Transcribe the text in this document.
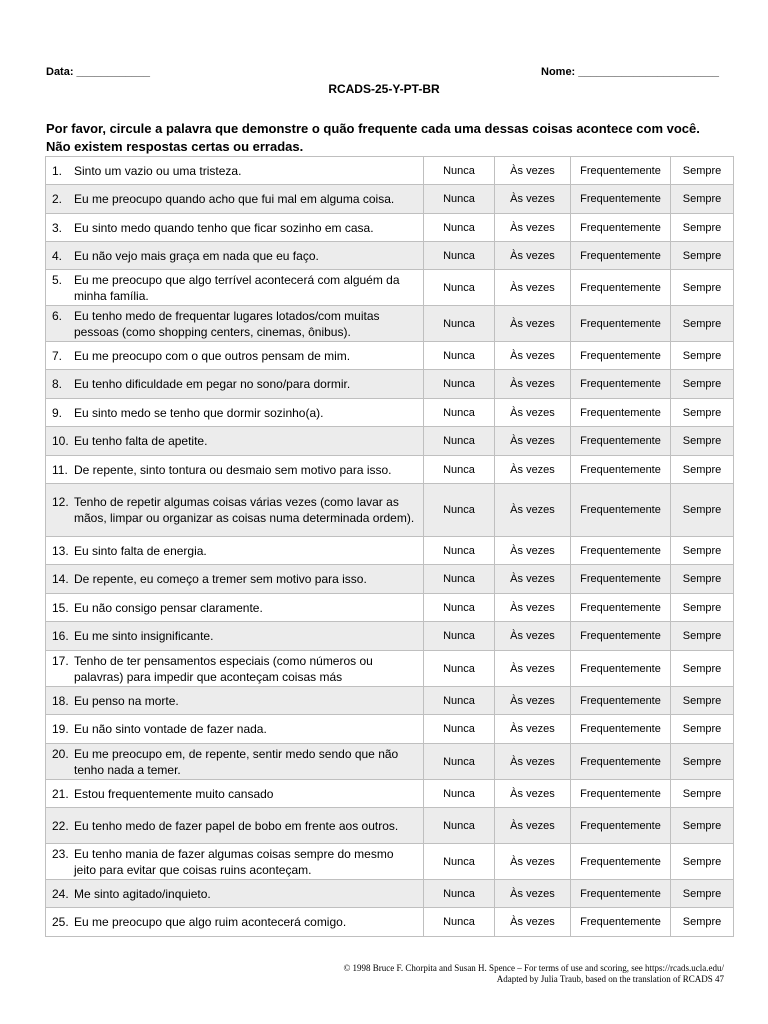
Data: ____________	Nome: _______________________
RCADS-25-Y-PT-BR
Por favor, circule a palavra que demonstre o quão frequente cada uma dessas coisas acontece com você.
Não existem respostas certas ou erradas.
1. Sinto um vazio ou uma tristeza.	Nunca	Às vezes	Frequentemente	Sempre

2. Eu me preocupo quando acho que fui mal em alguma coisa.	Nunca	Às vezes	Frequentemente	Sempre

3. Eu sinto medo quando tenho que ficar sozinho em casa.	Nunca	Às vezes	Frequentemente	Sempre

4. Eu não vejo mais graça em nada que eu faço.	Nunca	Às vezes	Frequentemente	Sempre

5. Eu me preocupo que algo terrível acontecerá com alguém da minha família.	Nunca	Às vezes	Frequentemente	Sempre

6. Eu tenho medo de frequentar lugares lotados/com muitas pessoas (como shopping centers, cinemas, ônibus).	Nunca	Às vezes	Frequentemente	Sempre

7. Eu me preocupo com o que outros pensam de mim.	Nunca	Às vezes	Frequentemente	Sempre

8. Eu tenho dificuldade em pegar no sono/para dormir.	Nunca	Às vezes	Frequentemente	Sempre

9. Eu sinto medo se tenho que dormir sozinho(a).	Nunca	Às vezes	Frequentemente	Sempre

10. Eu tenho falta de apetite.	Nunca	Às vezes	Frequentemente	Sempre

11. De repente, sinto tontura ou desmaio sem motivo para isso.	Nunca	Às vezes	Frequentemente	Sempre

12. Tenho de repetir algumas coisas várias vezes (como lavar as mãos, limpar ou organizar as coisas numa determinada ordem).	Nunca	Às vezes	Frequentemente	Sempre

13. Eu sinto falta de energia.	Nunca	Às vezes	Frequentemente	Sempre

14. De repente, eu começo a tremer sem motivo para isso.	Nunca	Às vezes	Frequentemente	Sempre

15. Eu não consigo pensar claramente.	Nunca	Às vezes	Frequentemente	Sempre

16. Eu me sinto insignificante.	Nunca	Às vezes	Frequentemente	Sempre

17. Tenho de ter pensamentos especiais (como números ou palavras) para impedir que aconteçam coisas más	Nunca	Às vezes	Frequentemente	Sempre

18. Eu penso na morte.	Nunca	Às vezes	Frequentemente	Sempre

19. Eu não sinto vontade de fazer nada.	Nunca	Às vezes	Frequentemente	Sempre

20. Eu me preocupo em, de repente, sentir medo sendo que não tenho nada a temer.	Nunca	Às vezes	Frequentemente	Sempre

21. Estou frequentemente muito cansado	Nunca	Às vezes	Frequentemente	Sempre

22. Eu tenho medo de fazer papel de bobo em frente aos outros.	Nunca	Às vezes	Frequentemente	Sempre

23. Eu tenho mania de fazer algumas coisas sempre do mesmo jeito para evitar que coisas ruins aconteçam.	Nunca	Às vezes	Frequentemente	Sempre

24. Me sinto agitado/inquieto.	Nunca	Às vezes	Frequentemente	Sempre

25. Eu me preocupo que algo ruim acontecerá comigo.	Nunca	Às vezes	Frequentemente	Sempre
© 1998 Bruce F. Chorpita and Susan H. Spence – For terms of use and scoring, see https://rcads.ucla.edu/
Adapted by Julia Traub, based on the translation of RCADS 47
